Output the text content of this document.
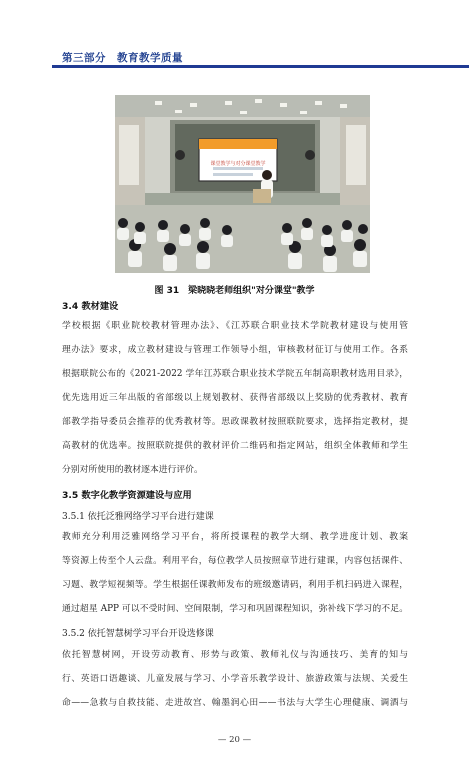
第三部分　教育教学质量
课堂教学与对分课堂教学
图 31　梁晓晓老师组织"对分课堂"教学
3.4 教材建设
学校根据《职业院校教材管理办法》、《江苏联合职业技术学院教材建设与使用管
理办法》要求，成立教材建设与管理工作领导小组，审核教材征订与使用工作。各系
根据联院公布的《2021-2022 学年江苏联合职业技术学院五年制高职教材选用目录》，
优先选用近三年出版的省部级以上规划教材、获得省部级以上奖励的优秀教材、教育
部教学指导委员会推荐的优秀教材等。思政课教材按照联院要求，选择指定教材，提
高教材的优选率。按照联院提供的教材评价二维码和指定网站，组织全体教师和学生
分别对所使用的教材逐本进行评价。
3.5 数字化教学资源建设与应用
3.5.1 依托泛雅网络学习平台进行建课
教师充分利用泛雅网络学习平台，将所授课程的教学大纲、教学进度计划、教案
等资源上传至个人云盘。利用平台，每位教学人员按照章节进行建课，内容包括课件、
习题、教学短视频等。学生根据任课教师发布的班级邀请码，利用手机扫码进入课程，
通过超星 APP 可以不受时间、空间限制，学习和巩固课程知识，弥补线下学习的不足。
3.5.2 依托智慧树学习平台开设选修课
依托智慧树网，开设劳动教育、形势与政策、教师礼仪与沟通技巧、美育的知与
行、英语口语趣谈、儿童发展与学习、小学音乐教学设计、旅游政策与法规、关爱生
命——急救与自救技能、走进故宫、翰墨润心田——书法与大学生心理健康、调酒与
— 20 —
